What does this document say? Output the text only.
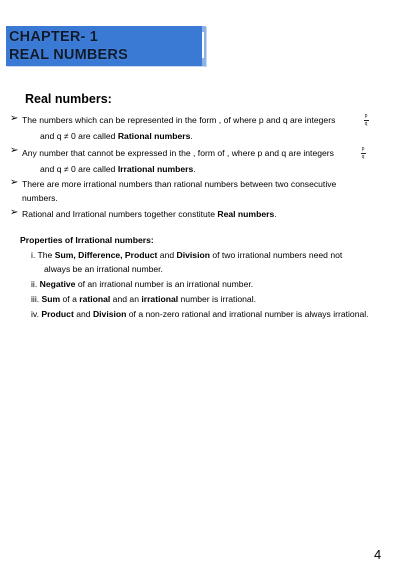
CHAPTER- 1
REAL NUMBERS
Real numbers:
➢ The numbers which can be represented in the form , of where p and q are integers
and q ≠ 0 are called Rational numbers.
p
q
➢ Any number that cannot be expressed in the , form of , where p and q are integers
and q ≠ 0 are called Irrational numbers.
p
q
➢ There are more irrational numbers than rational numbers between two consecutive
numbers.
➢ Rational and Irrational numbers together constitute Real numbers.
Properties of Irrational numbers:
i. The Sum, Difference, Product and Division of two irrational numbers need not
always be an irrational number.
ii. Negative of an irrational number is an irrational number.
iii. Sum of a rational and an irrational number is irrational.
iv. Product and Division of a non-zero rational and irrational number is always irrational.
4
